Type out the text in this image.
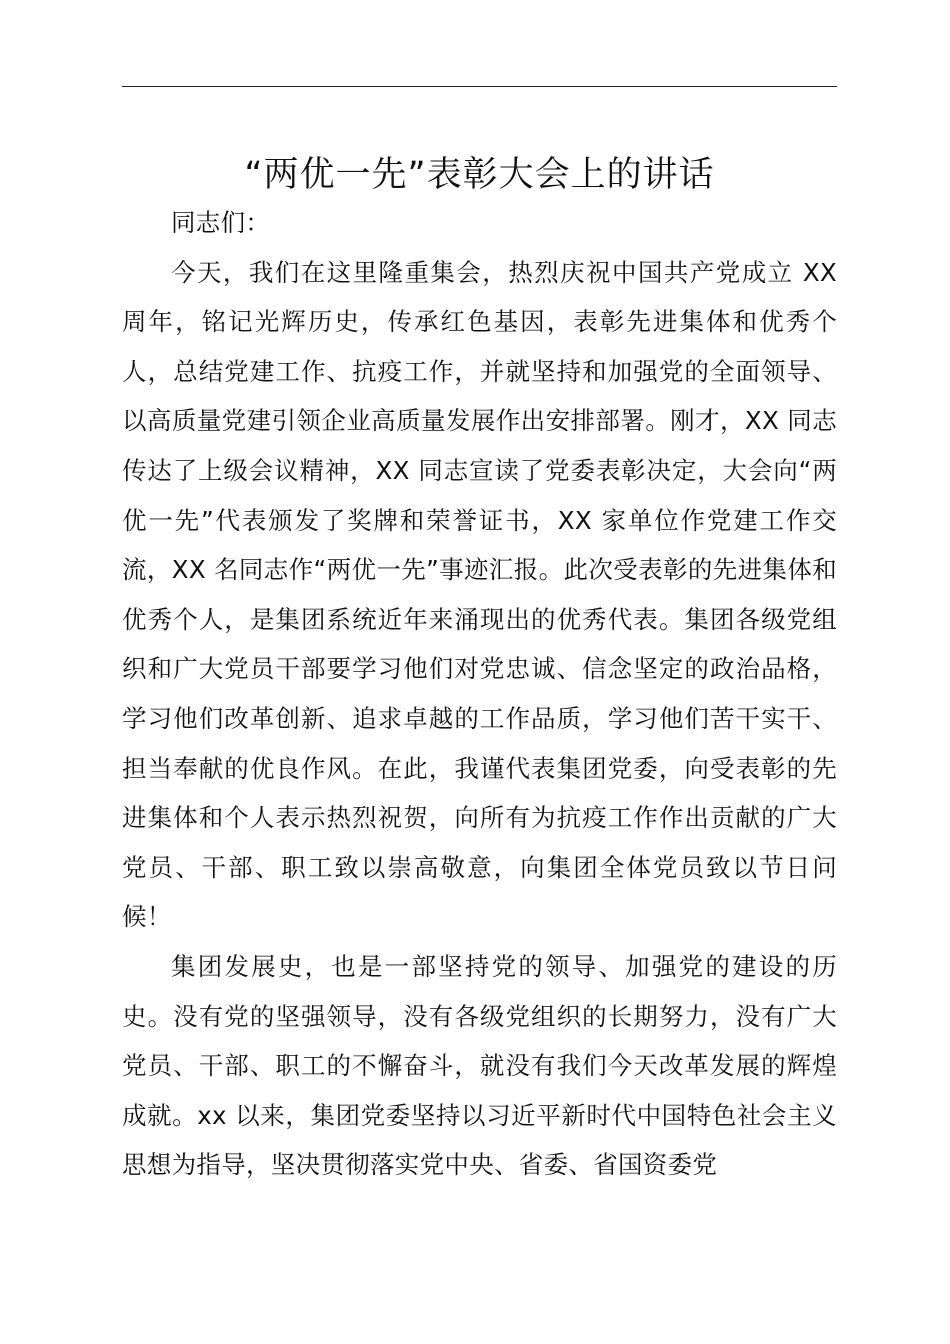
“两优一先”表彰大会上的讲话

同志们：

今天，我们在这里隆重集会，热烈庆祝中国共产党成立 XX 周年，铭记光辉历史，传承红色基因，表彰先进集体和优秀个人，总结党建工作、抗疫工作，并就坚持和加强党的全面领导、以高质量党建引领企业高质量发展作出安排部署。刚才，XX 同志传达了上级会议精神，XX 同志宣读了党委表彰决定，大会向“两优一先”代表颁发了奖牌和荣誉证书，XX 家单位作党建工作交流，XX 名同志作“两优一先”事迹汇报。此次受表彰的先进集体和优秀个人，是集团系统近年来涌现出的优秀代表。集团各级党组织和广大党员干部要学习他们对党忠诚、信念坚定的政治品格，学习他们改革创新、追求卓越的工作品质，学习他们苦干实干、担当奉献的优良作风。在此，我谨代表集团党委，向受表彰的先进集体和个人表示热烈祝贺，向所有为抗疫工作作出贡献的广大党员、干部、职工致以崇高敬意，向集团全体党员致以节日问候！

集团发展史，也是一部坚持党的领导、加强党的建设的历史。没有党的坚强领导，没有各级党组织的长期努力，没有广大党员、干部、职工的不懈奋斗，就没有我们今天改革发展的辉煌成就。xx 以来，集团党委坚持以习近平新时代中国特色社会主义思想为指导，坚决贯彻落实党中央、省委、省国资委党
